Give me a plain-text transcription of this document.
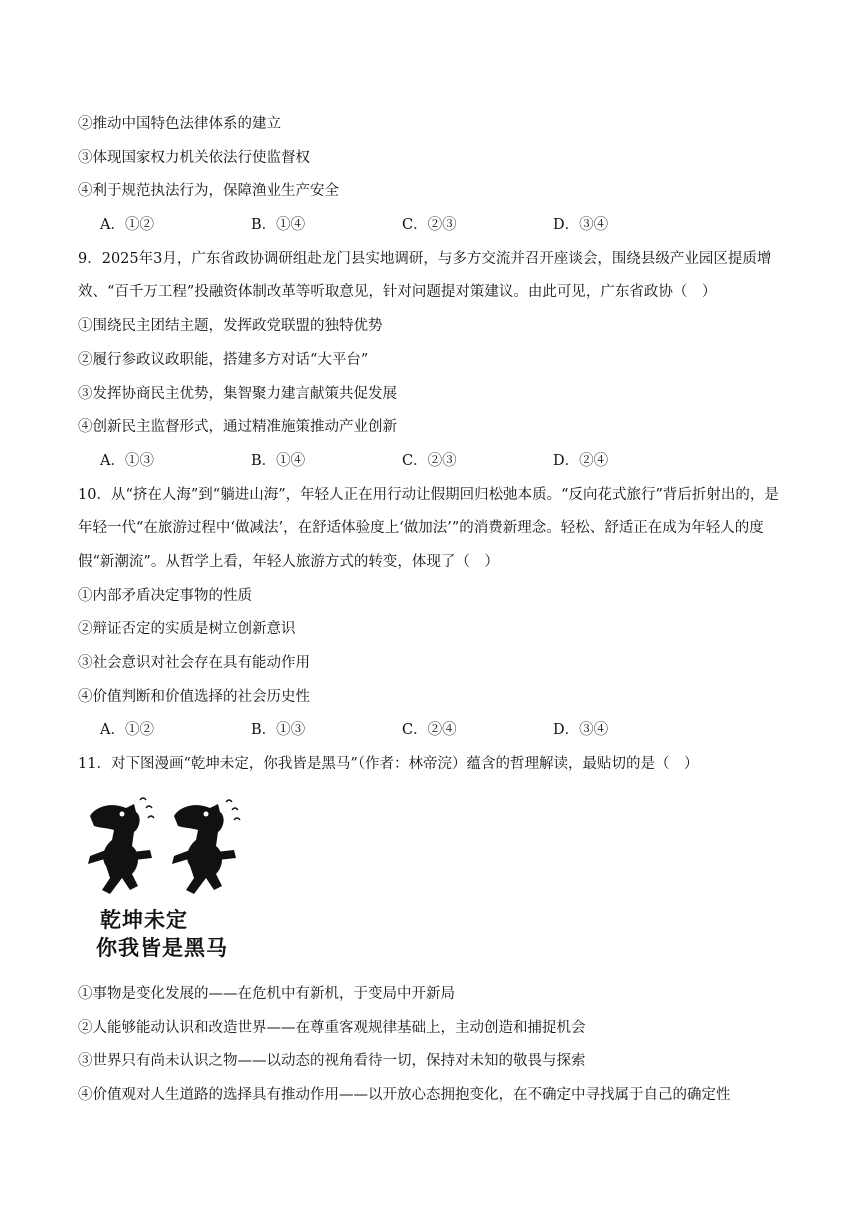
②推动中国特色法律体系的建立
③体现国家权力机关依法行使监督权
④利于规范执法行为，保障渔业生产安全
A．①②	B．①④	C．②③	D．③④
9．2025年3月，广东省政协调研组赴龙门县实地调研，与多方交流并召开座谈会，围绕县级产业园区提质增效、“百千万工程”投融资体制改革等听取意见，针对问题提对策建议。由此可见，广东省政协（　）
①围绕民主团结主题，发挥政党联盟的独特优势
②履行参政议政职能，搭建多方对话“大平台”
③发挥协商民主优势，集智聚力建言献策共促发展
④创新民主监督形式，通过精准施策推动产业创新
A．①③	B．①④	C．②③	D．②④
10．从“挤在人海”到“躺进山海”，年轻人正在用行动让假期回归松弛本质。“反向花式旅行”背后折射出的，是年轻一代“在旅游过程中‘做减法’，在舒适体验度上‘做加法’”的消费新理念。轻松、舒适正在成为年轻人的度假“新潮流”。从哲学上看，年轻人旅游方式的转变，体现了（　）
①内部矛盾决定事物的性质
②辩证否定的实质是树立创新意识
③社会意识对社会存在具有能动作用
④价值判断和价值选择的社会历史性
A．①②	B．①③	C．②④	D．③④
11．对下图漫画“乾坤未定，你我皆是黑马”（作者：林帝浣）蕴含的哲理解读，最贴切的是（　）
乾坤未定
你我皆是黑马
①事物是变化发展的——在危机中有新机，于变局中开新局
②人能够能动认识和改造世界——在尊重客观规律基础上，主动创造和捕捉机会
③世界只有尚未认识之物——以动态的视角看待一切，保持对未知的敬畏与探索
④价值观对人生道路的选择具有推动作用——以开放心态拥抱变化，在不确定中寻找属于自己的确定性
